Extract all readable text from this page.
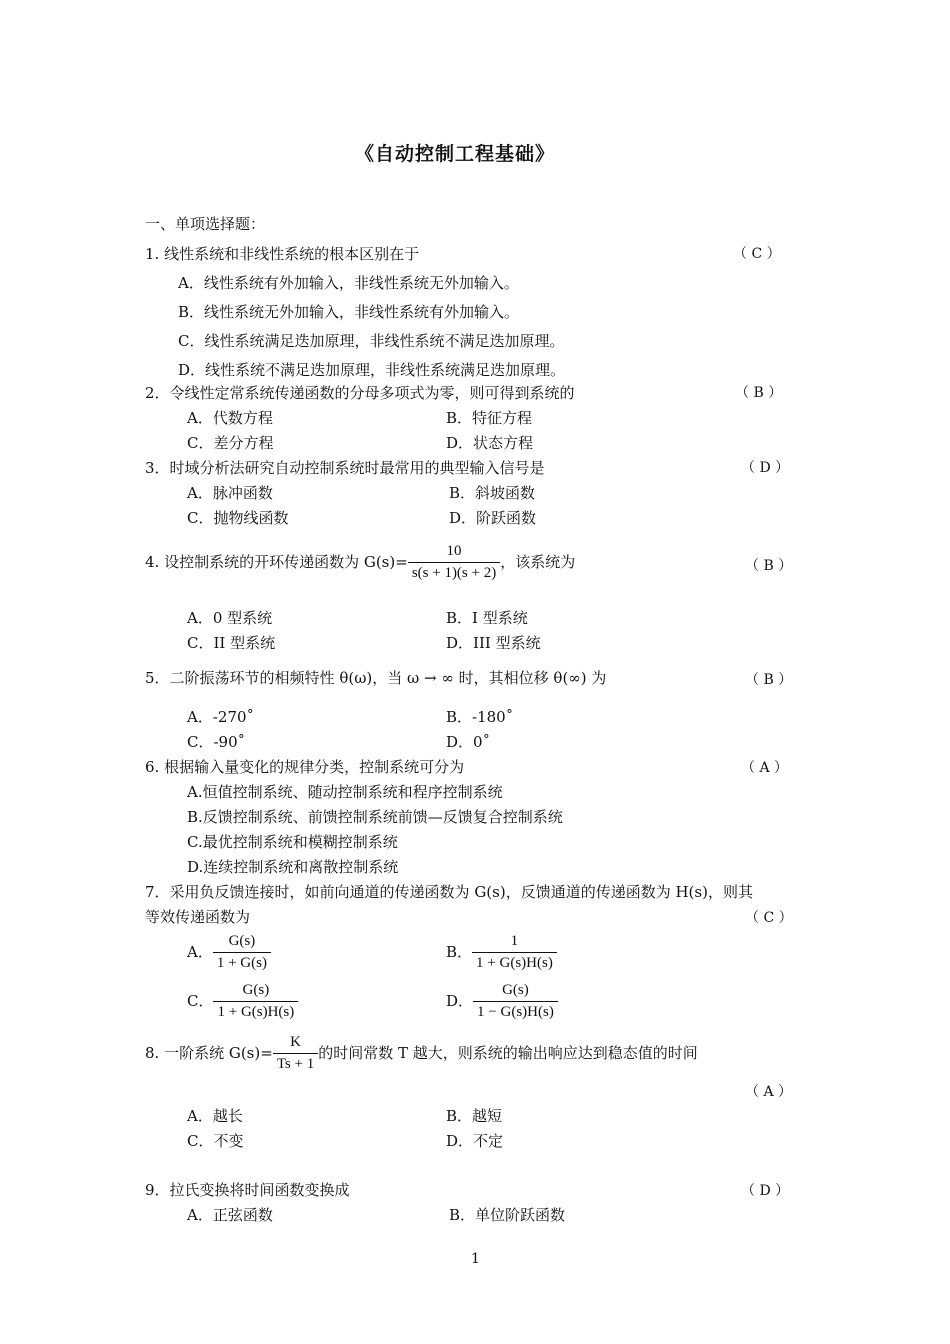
《自动控制工程基础》
一、单项选择题：
1. 线性系统和非线性系统的根本区别在于	（ C ）
A．线性系统有外加输入，非线性系统无外加输入。
B．线性系统无外加输入，非线性系统有外加输入。
C．线性系统满足迭加原理，非线性系统不满足迭加原理。
D．线性系统不满足迭加原理，非线性系统满足迭加原理。
2．令线性定常系统传递函数的分母多项式为零，则可得到系统的	（ B ）
A．代数方程	B．特征方程
C．差分方程	D．状态方程
3．时域分析法研究自动控制系统时最常用的典型输入信号是	（ D ）
A．脉冲函数	B．斜坡函数
C．抛物线函数	D．阶跃函数
4. 设控制系统的开环传递函数为 $G(s)= \frac{10}{s(s + 1)(s + 2)}$ ，该系统为	（ B ）
A．0 型系统	B．I 型系统
C．II 型系统	D．III 型系统
5．二阶振荡环节的相频特性 θ(ω)，当 ω → ∞ 时，其相位移 θ(∞) 为	（ B ）
A．-270˚	B．-180˚
C．-90˚	D．0˚
6. 根据输入量变化的规律分类，控制系统可分为	（ A ）
A.恒值控制系统、随动控制系统和程序控制系统
B.反馈控制系统、前馈控制系统前馈—反馈复合控制系统
C.最优控制系统和模糊控制系统
D.连续控制系统和离散控制系统
7．采用负反馈连接时，如前向通道的传递函数为 G(s)，反馈通道的传递函数为 H(s)，则其
等效传递函数为	（ C ）
A． $\frac{G(s)}{1 + G(s)}$	B． $\frac{1}{1 + G(s)H(s)}$
C． $\frac{G(s)}{1 + G(s)H(s)}$	D． $\frac{G(s)}{1 - G(s)H(s)}$
8. 一阶系统 $G(s)= \frac{K}{Ts + 1}$ 的时间常数 T 越大，则系统的输出响应达到稳态值的时间
（ A ）
A．越长	B．越短
C．不变	D．不定
9．拉氏变换将时间函数变换成	（ D ）
A．正弦函数	B．单位阶跃函数
1
